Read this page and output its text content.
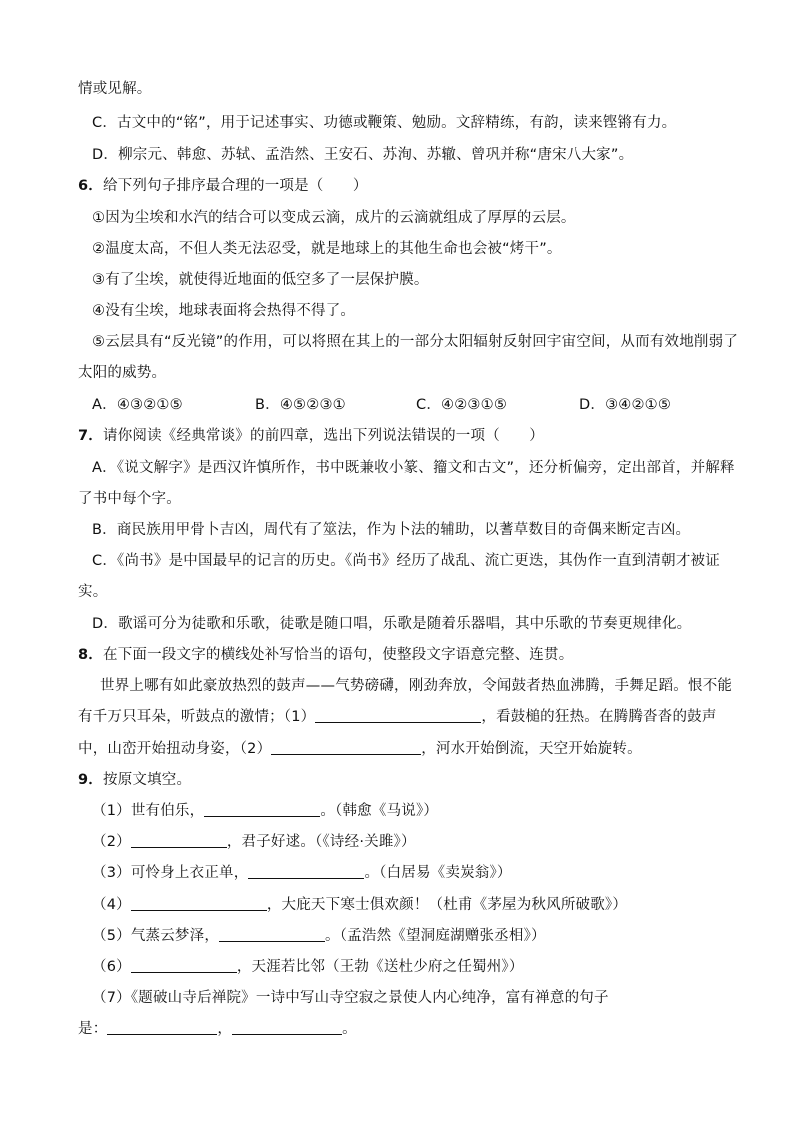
情或见解。
C．古文中的“铭”，用于记述事实、功德或鞭策、勉励。文辞精练，有韵，读来铿锵有力。
D．柳宗元、韩愈、苏轼、孟浩然、王安石、苏洵、苏辙、曾巩并称“唐宋八大家”。
6．给下列句子排序最合理的一项是（　　）
①因为尘埃和水汽的结合可以变成云滴，成片的云滴就组成了厚厚的云层。
②温度太高，不但人类无法忍受，就是地球上的其他生命也会被“烤干”。
③有了尘埃，就使得近地面的低空多了一层保护膜。
④没有尘埃，地球表面将会热得不得了。
⑤云层具有“反光镜”的作用，可以将照在其上的一部分太阳辐射反射回宇宙空间，从而有效地削弱了
太阳的威势。
A．④③②①⑤	B．④⑤②③①	C．④②③①⑤	D．③④②①⑤
7．请你阅读《经典常谈》的前四章，选出下列说法错误的一项（　　）
A．《说文解字》是西汉许慎所作，书中既兼收小篆、籀文和古文”，还分析偏旁，定出部首，并解释
了书中每个字。
B．商民族用甲骨卜吉凶，周代有了筮法，作为卜法的辅助，以蓍草数目的奇偶来断定吉凶。
C．《尚书》是中国最早的记言的历史。《尚书》经历了战乱、流亡更迭，其伪作一直到清朝才被证
实。
D．歌谣可分为徒歌和乐歌，徒歌是随口唱，乐歌是随着乐器唱，其中乐歌的节奏更规律化。
8．在下面一段文字的横线处补写恰当的语句，使整段文字语意完整、连贯。
世界上哪有如此豪放热烈的鼓声——气势磅礴，刚劲奔放，令闻鼓者热血沸腾，手舞足蹈。恨不能
有千万只耳朵，听鼓点的激情；（1）	，看鼓槌的狂热。在腾腾沓沓的鼓声
中，山峦开始扭动身姿，（2）	，河水开始倒流，天空开始旋转。
9．按原文填空。
（1）世有伯乐，	。（韩愈《马说》）
（2）	，君子好逑。（《诗经·关雎》）
（3）可怜身上衣正单，	。（白居易《卖炭翁》）
（4）	，大庇天下寒士俱欢颜！（杜甫《茅屋为秋风所破歌》）
（5）气蒸云梦泽，	。（孟浩然《望洞庭湖赠张丞相》）
（6）	，天涯若比邻（王勃《送杜少府之任蜀州》）
（7）《题破山寺后禅院》一诗中写山寺空寂之景使人内心纯净，富有禅意的句子
是：	，	。
